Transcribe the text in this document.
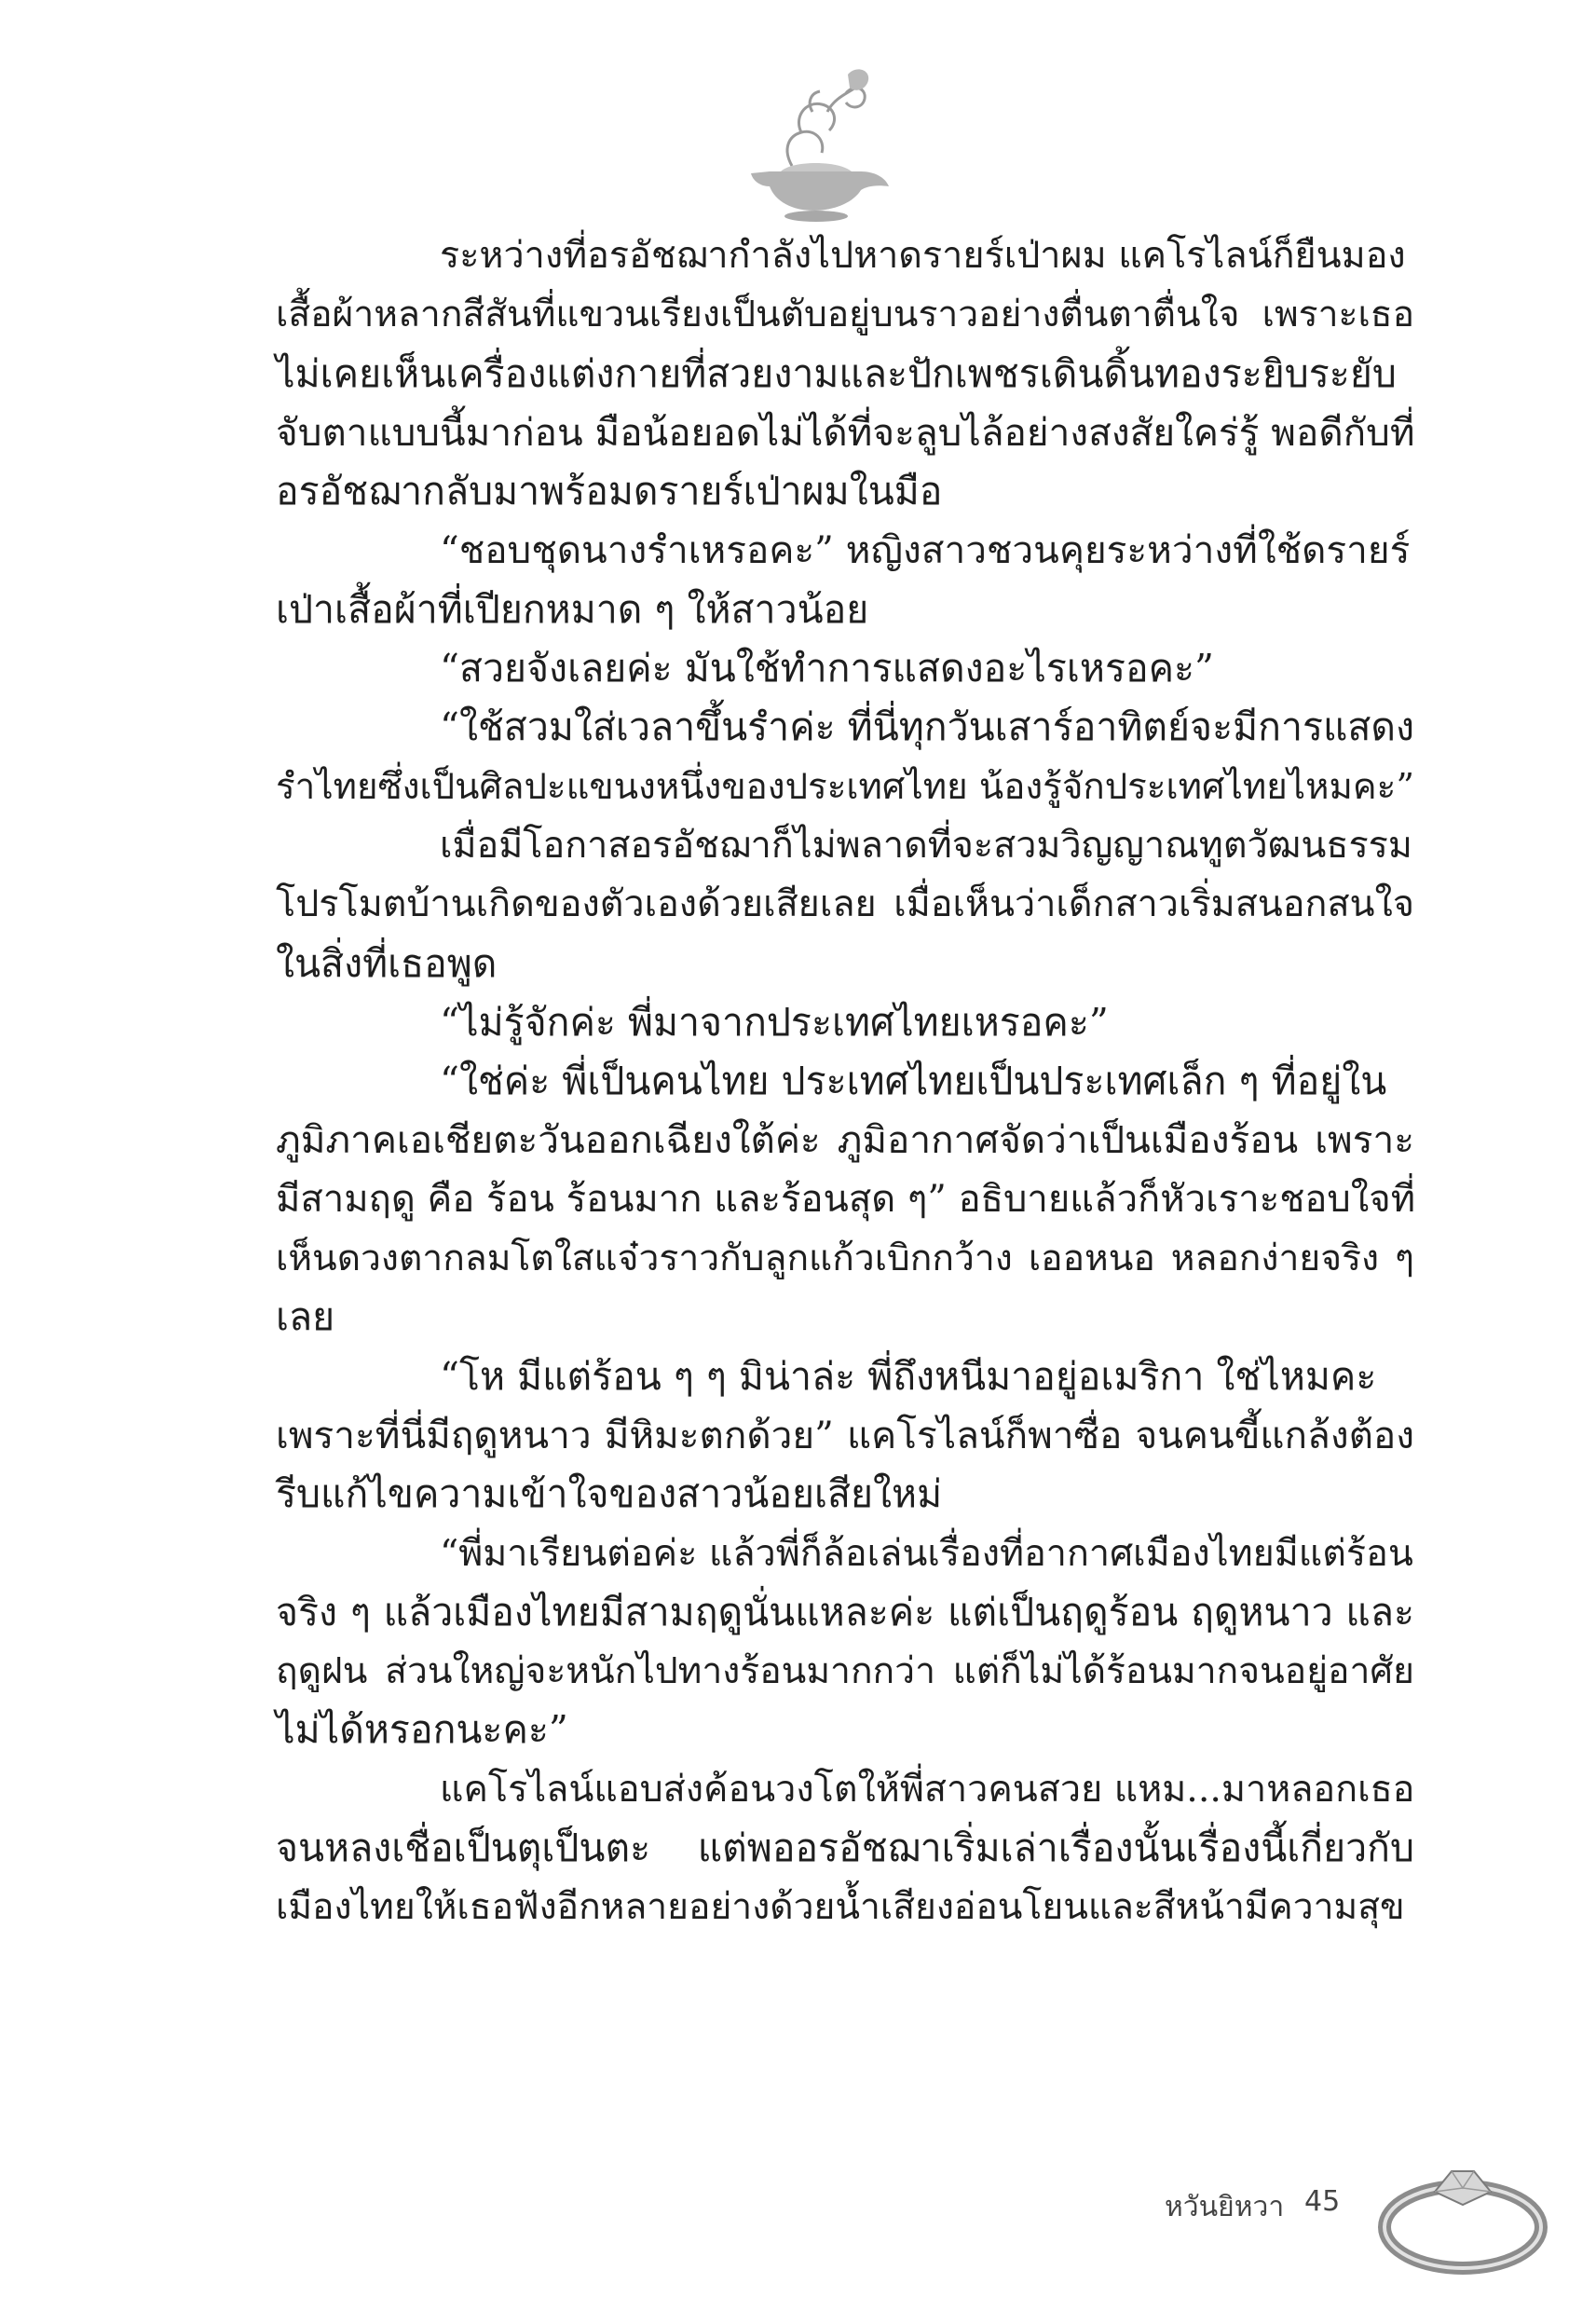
ระหว่างที่อรอัชฌากำลังไปหาดรายร์เป่าผม แคโรไลน์ก็ยืนมอง
เสื้อผ้าหลากสีสันที่แขวนเรียงเป็นตับอยู่บนราวอย่างตื่นตาตื่นใจ เพราะเธอ
ไม่เคยเห็นเครื่องแต่งกายที่สวยงามและปักเพชรเดินดิ้นทองระยิบระยับ
จับตาแบบนี้มาก่อน มือน้อยอดไม่ได้ที่จะลูบไล้อย่างสงสัยใคร่รู้ พอดีกับที่
อรอัชฌากลับมาพร้อมดรายร์เป่าผมในมือ
“ชอบชุดนางรำเหรอคะ” หญิงสาวชวนคุยระหว่างที่ใช้ดรายร์
เป่าเสื้อผ้าที่เปียกหมาด ๆ ให้สาวน้อย
“สวยจังเลยค่ะ มันใช้ทำการแสดงอะไรเหรอคะ”
“ใช้สวมใส่เวลาขึ้นรำค่ะ ที่นี่ทุกวันเสาร์อาทิตย์จะมีการแสดง
รำไทยซึ่งเป็นศิลปะแขนงหนึ่งของประเทศไทย น้องรู้จักประเทศไทยไหมคะ”
เมื่อมีโอกาสอรอัชฌาก็ไม่พลาดที่จะสวมวิญญาณทูตวัฒนธรรม
โปรโมตบ้านเกิดของตัวเองด้วยเสียเลย เมื่อเห็นว่าเด็กสาวเริ่มสนอกสนใจ
ในสิ่งที่เธอพูด
“ไม่รู้จักค่ะ พี่มาจากประเทศไทยเหรอคะ”
“ใช่ค่ะ พี่เป็นคนไทย ประเทศไทยเป็นประเทศเล็ก ๆ ที่อยู่ใน
ภูมิภาคเอเชียตะวันออกเฉียงใต้ค่ะ ภูมิอากาศจัดว่าเป็นเมืองร้อน เพราะ
มีสามฤดู คือ ร้อน ร้อนมาก และร้อนสุด ๆ” อธิบายแล้วก็หัวเราะชอบใจที่
เห็นดวงตากลมโตใสแจ๋วราวกับลูกแก้วเบิกกว้าง เออหนอ หลอกง่ายจริง ๆ
เลย
“โห มีแต่ร้อน ๆ ๆ มิน่าล่ะ พี่ถึงหนีมาอยู่อเมริกา ใช่ไหมคะ
เพราะที่นี่มีฤดูหนาว มีหิมะตกด้วย” แคโรไลน์ก็พาซื่อ จนคนขี้แกล้งต้อง
รีบแก้ไขความเข้าใจของสาวน้อยเสียใหม่
“พี่มาเรียนต่อค่ะ แล้วพี่ก็ล้อเล่นเรื่องที่อากาศเมืองไทยมีแต่ร้อน
จริง ๆ แล้วเมืองไทยมีสามฤดูนั่นแหละค่ะ แต่เป็นฤดูร้อน ฤดูหนาว และ
ฤดูฝน ส่วนใหญ่จะหนักไปทางร้อนมากกว่า แต่ก็ไม่ได้ร้อนมากจนอยู่อาศัย
ไม่ได้หรอกนะคะ”
แคโรไลน์แอบส่งค้อนวงโตให้พี่สาวคนสวย แหม...มาหลอกเธอ
จนหลงเชื่อเป็นตุเป็นตะ แต่พออรอัชฌาเริ่มเล่าเรื่องนั้นเรื่องนี้เกี่ยวกับ
เมืองไทยให้เธอฟังอีกหลายอย่างด้วยน้ำเสียงอ่อนโยนและสีหน้ามีความสุข
หวันยิหวา 45
